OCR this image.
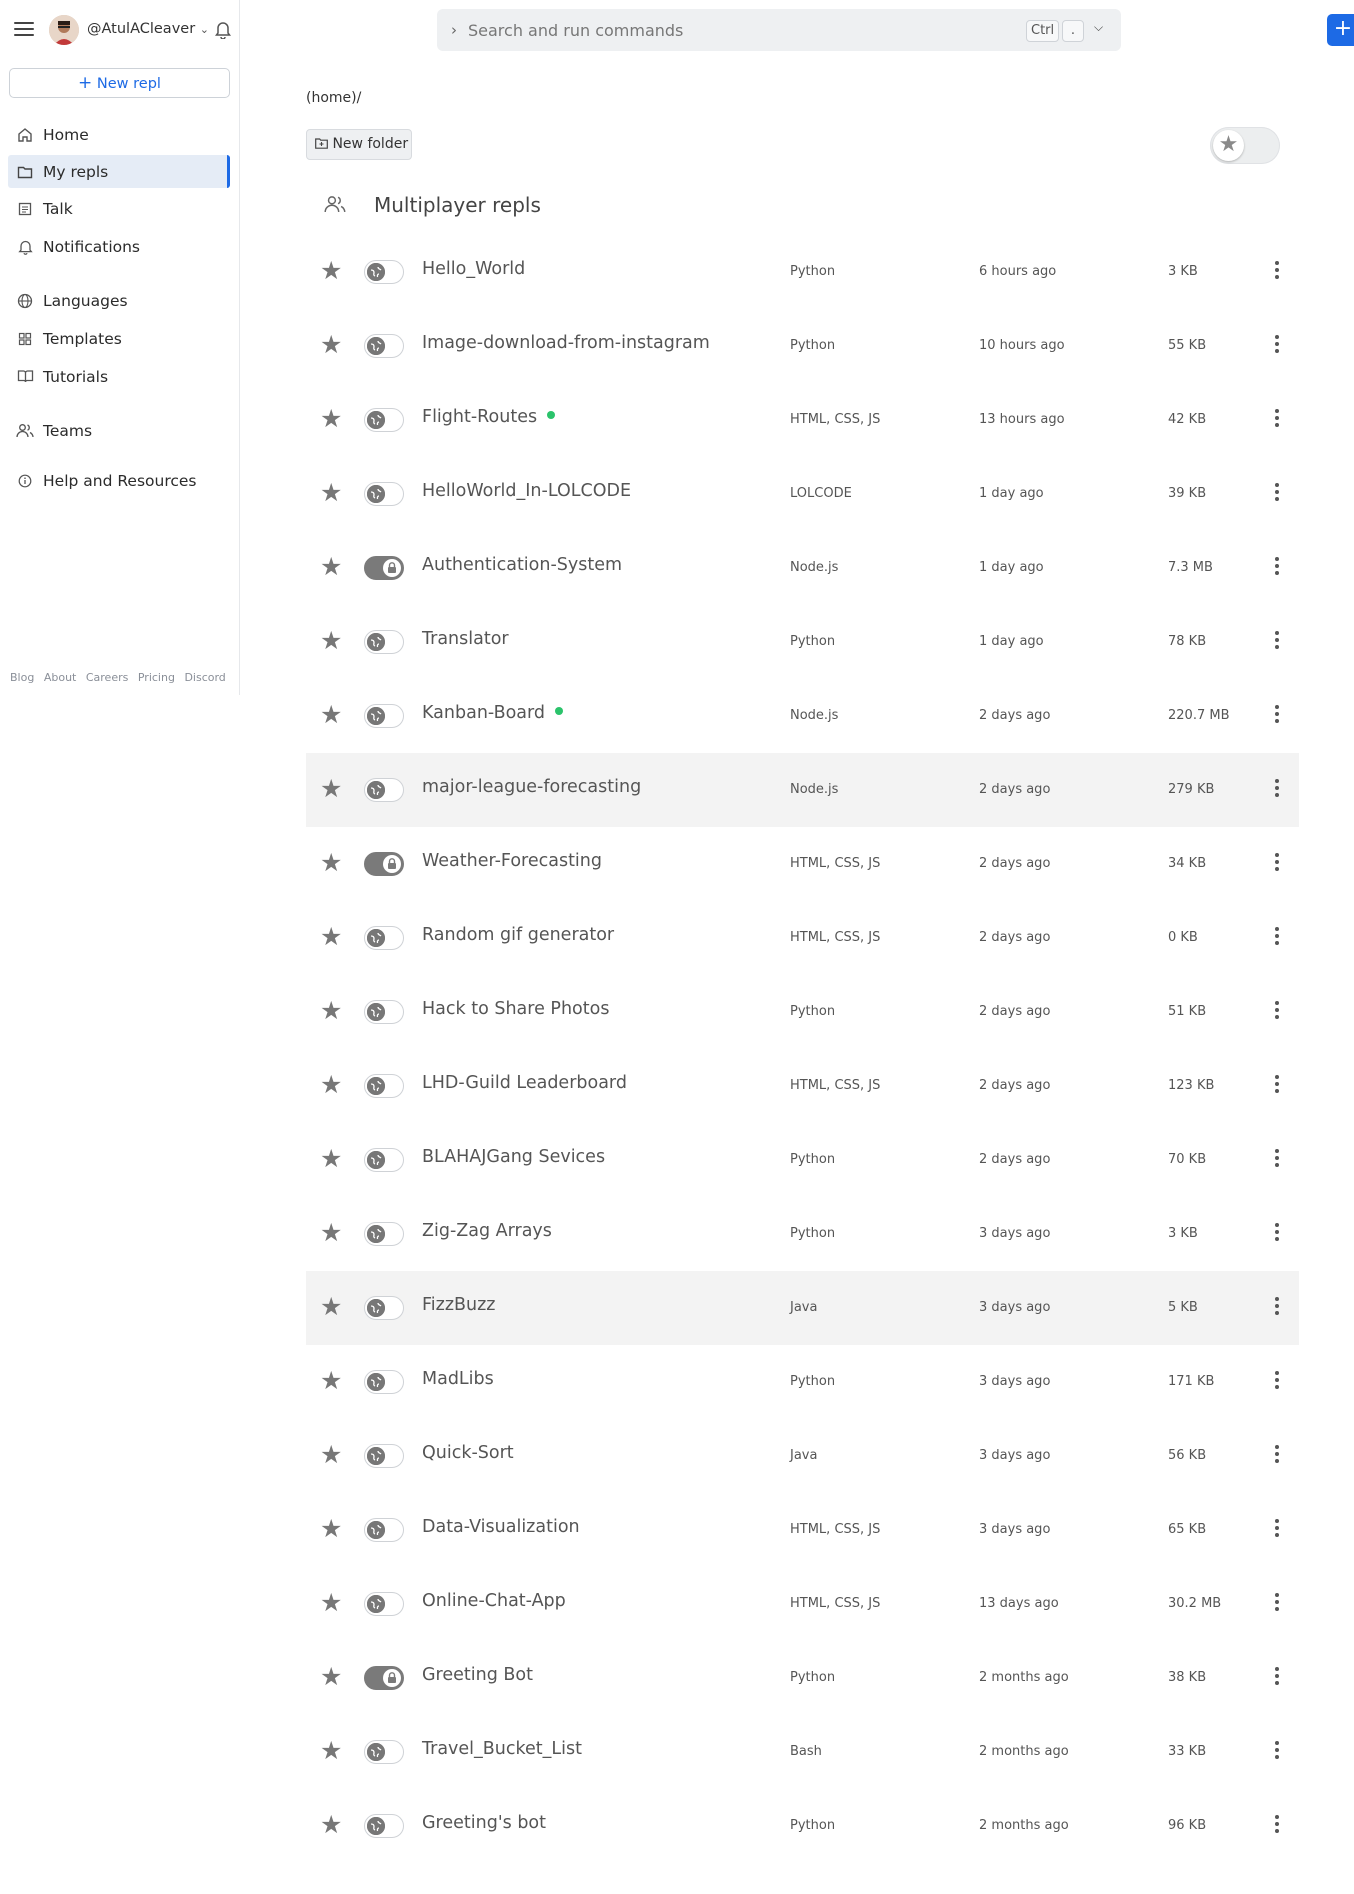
@AtulACleaver ⌄
+ New repl
Home
My repls
Talk
Notifications
Languages
Templates
Tutorials
Teams
Help and Resources
Blog About Careers Pricing Discord
› Search and run commands	Ctrl	.	⌵	+
(home)/
New folder	★
Multiplayer repls
★	Hello_World	Python	6 hours ago	3 KB
★	Image-download-from-instagram	Python	10 hours ago	55 KB
★	Flight-Routes	HTML, CSS, JS	13 hours ago	42 KB
★	HelloWorld_In-LOLCODE	LOLCODE	1 day ago	39 KB
★	Authentication-System	Node.js	1 day ago	7.3 MB
★	Translator	Python	1 day ago	78 KB
★	Kanban-Board	Node.js	2 days ago	220.7 MB
★	major-league-forecasting	Node.js	2 days ago	279 KB
★	Weather-Forecasting	HTML, CSS, JS	2 days ago	34 KB
★	Random gif generator	HTML, CSS, JS	2 days ago	0 KB
★	Hack to Share Photos	Python	2 days ago	51 KB
★	LHD-Guild Leaderboard	HTML, CSS, JS	2 days ago	123 KB
★	BLAHAJGang Sevices	Python	2 days ago	70 KB
★	Zig-Zag Arrays	Python	3 days ago	3 KB
★	FizzBuzz	Java	3 days ago	5 KB
★	MadLibs	Python	3 days ago	171 KB
★	Quick-Sort	Java	3 days ago	56 KB
★	Data-Visualization	HTML, CSS, JS	3 days ago	65 KB
★	Online-Chat-App	HTML, CSS, JS	13 days ago	30.2 MB
★	Greeting Bot	Python	2 months ago	38 KB
★	Travel_Bucket_List	Bash	2 months ago	33 KB
★	Greeting's bot	Python	2 months ago	96 KB
